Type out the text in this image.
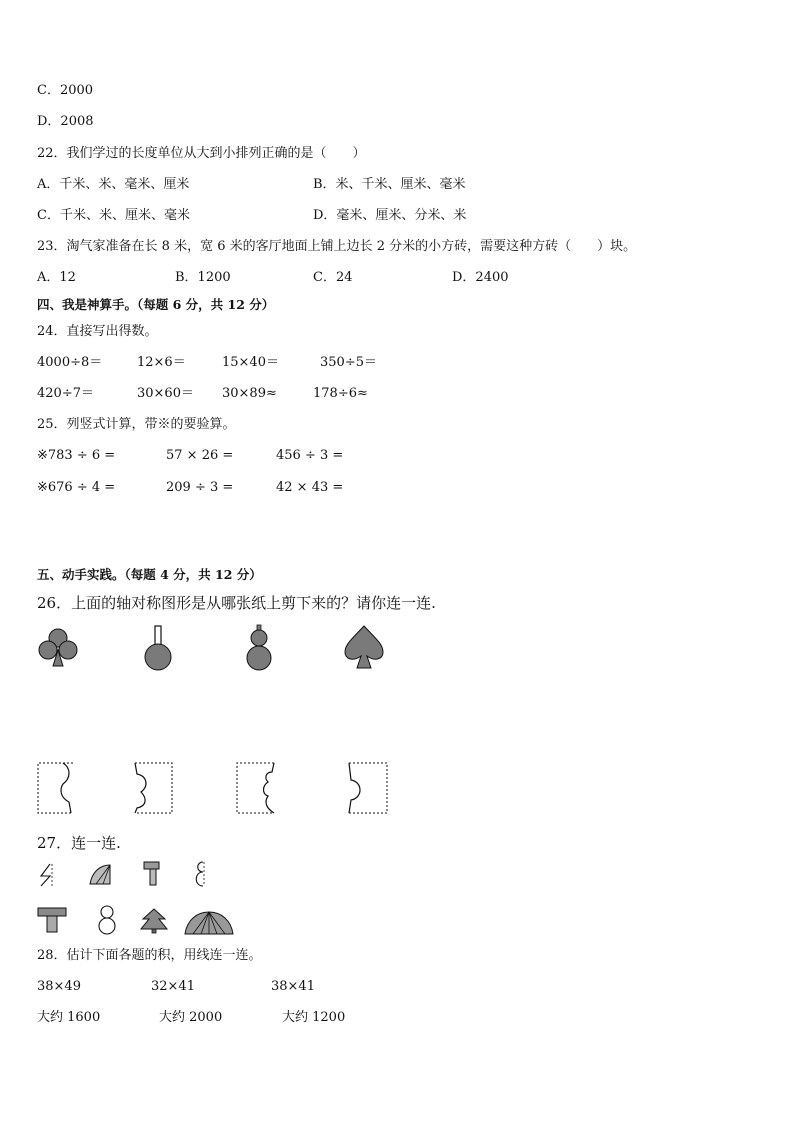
C．2000
D．2008
22．我们学过的长度单位从大到小排列正确的是（　　）
A．千米、米、毫米、厘米	B．米、千米、厘米、毫米
C．千米、米、厘米、毫米	D．毫米、厘米、分米、米
23．淘气家准备在长 8 米，宽 6 米的客厅地面上铺上边长 2 分米的小方砖，需要这种方砖（　　）块。
A．12	B．1200	C．24	D．2400
四、我是神算手。（每题 6 分，共 12 分）
24．直接写出得数。
4000÷8＝	12×6＝	15×40＝	350÷5＝
420÷7＝	30×60＝ 30×89≈	178÷6≈
25．列竖式计算，带※的要验算。
※783 ÷ 6 =	57 × 26 =	456 ÷ 3 =
※676 ÷ 4 =	209 ÷ 3 =	42 × 43 =
五、动手实践。（每题 4 分，共 12 分）
26．上面的轴对称图形是从哪张纸上剪下来的？请你连一连.
27．连一连.
28．估计下面各题的积，用线连一连。
38×49	32×41	38×41
大约 1600	大约 2000	大约 1200
